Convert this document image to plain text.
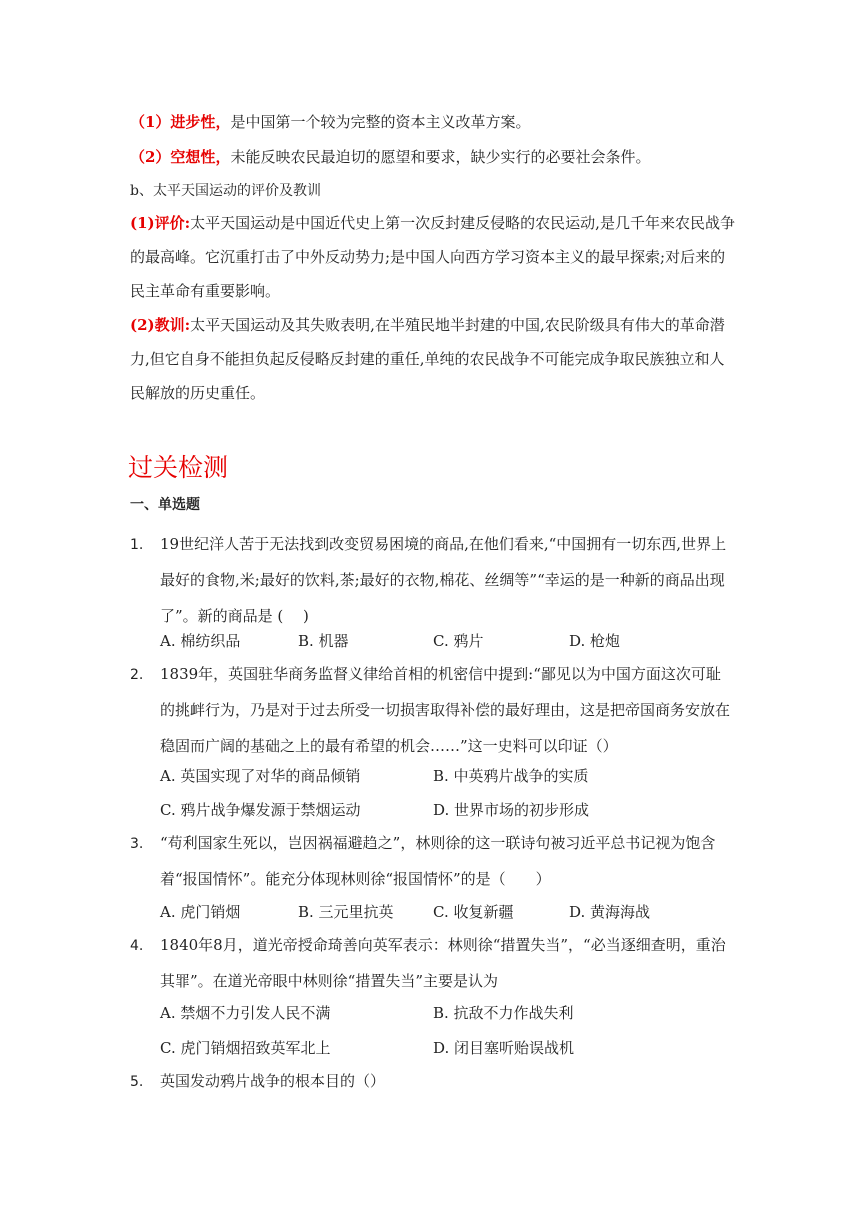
（1）进步性，是中国第一个较为完整的资本主义改革方案。
（2）空想性，未能反映农民最迫切的愿望和要求，缺少实行的必要社会条件。
b、太平天国运动的评价及教训
(1)评价:太平天国运动是中国近代史上第一次反封建反侵略的农民运动,是几千年来农民战争的最高峰。它沉重打击了中外反动势力;是中国人向西方学习资本主义的最早探索;对后来的民主革命有重要影响。
(2)教训:太平天国运动及其失败表明,在半殖民地半封建的中国,农民阶级具有伟大的革命潜力,但它自身不能担负起反侵略反封建的重任,单纯的农民战争不可能完成争取民族独立和人民解放的历史重任。
过关检测
一、单选题
1. 19世纪洋人苦于无法找到改变贸易困境的商品,在他们看来,“中国拥有一切东西,世界上最好的食物,米;最好的饮料,茶;最好的衣物,棉花、丝绸等”“幸运的是一种新的商品出现了”。新的商品是 (　 )
A. 棉纺织品	B. 机器	C. 鸦片	D. 枪炮
2. 1839年，英国驻华商务监督义律给首相的机密信中提到:“鄙见以为中国方面这次可耻的挑衅行为，乃是对于过去所受一切损害取得补偿的最好理由，这是把帝国商务安放在稳固而广阔的基础之上的最有希望的机会……”这一史料可以印证（）
A. 英国实现了对华的商品倾销	B. 中英鸦片战争的实质
C. 鸦片战争爆发源于禁烟运动	D. 世界市场的初步形成
3. “苟利国家生死以，岂因祸福避趋之”，林则徐的这一联诗句被习近平总书记视为饱含着“报国情怀”。能充分体现林则徐“报国情怀”的是（　　）
A. 虎门销烟	B. 三元里抗英	C. 收复新疆	D. 黄海海战
4. 1840年8月，道光帝授命琦善向英军表示：林则徐“措置失当”，“必当逐细查明，重治其罪”。在道光帝眼中林则徐“措置失当”主要是认为
A. 禁烟不力引发人民不满	B. 抗敌不力作战失利
C. 虎门销烟招致英军北上	D. 闭目塞听贻误战机
5. 英国发动鸦片战争的根本目的（）
